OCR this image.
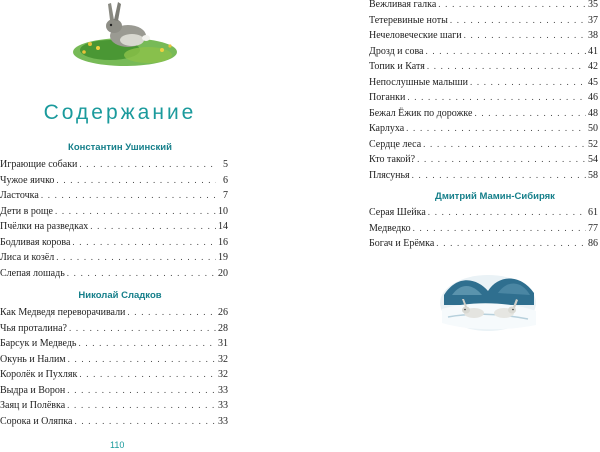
Содержание
Константин Ушинский
Играющие собаки . . .	5
Чужое яичко . . .	6
Ласточка . . .	7
Дети в роще . . .	10
Пчёлки на разведках . . .	14
Бодливая корова . . .	16
Лиса и козёл . . .	19
Слепая лошадь . . .	20
Николай Сладков
Как Медведя переворачивали . . .	26
Чья проталина? . . .	28
Барсук и Медведь . . .	31
Окунь и Налим . . .	32
Королёк и Пухляк . . .	32
Выдра и Ворон . . .	33
Заяц и Полёвка . . .	33
Сорока и Оляпка . . .	33
110
Вежливая галка . . .	35
Тетеревиные ноты . . .	37
Нечеловеческие шаги . . .	38
Дрозд и сова . . .	41
Топик и Катя . . .	42
Непослушные малыши . . .	45
Поганки . . .	46
Бежал Ёжик по дорожке . . .	48
Карлуха . . .	50
Сердце леса . . .	52
Кто такой? . . .	54
Плясунья . . .	58
Дмитрий Мамин-Сибиряк
Серая Шейка . . .	61
Медведко . . .	77
Богач и Ерёмка . . .	86
